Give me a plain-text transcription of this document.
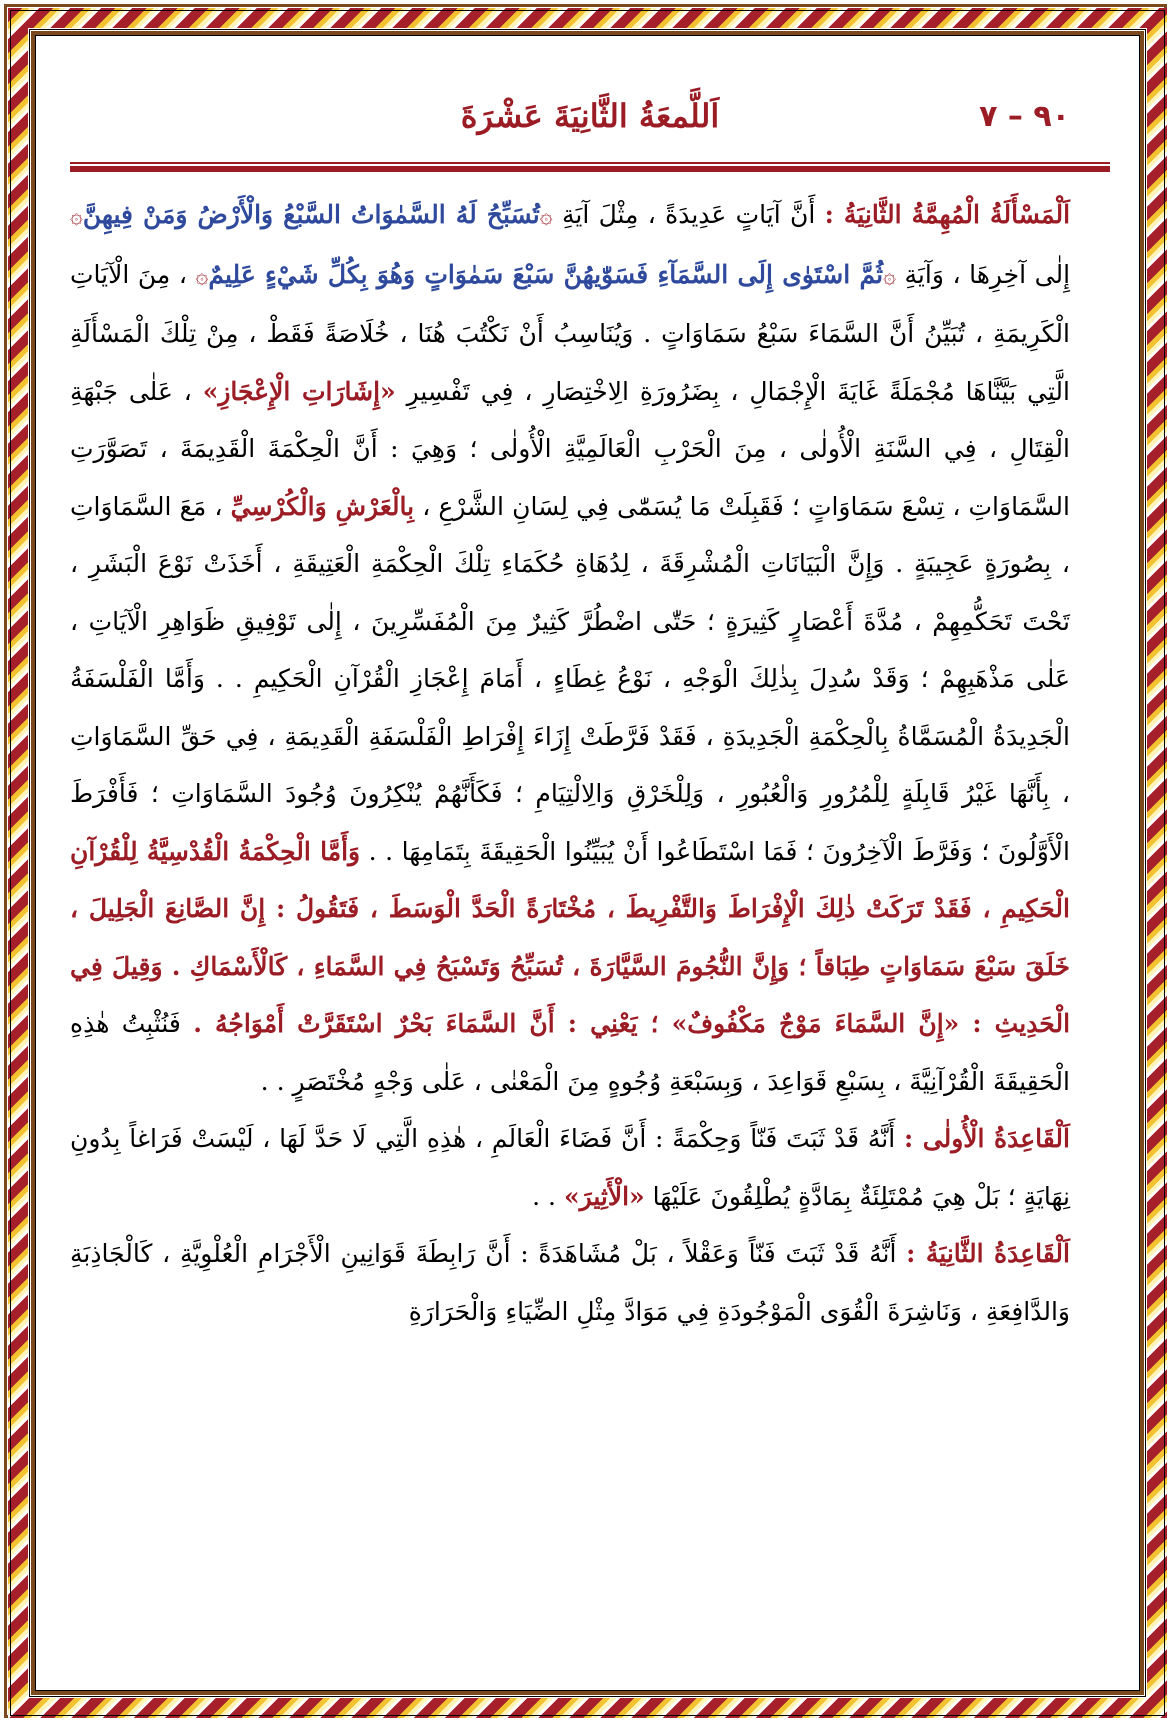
٩٠ – ٧
اَللَّمعَةُ الثَّانِيَةَ عَشْرَةَ

اَلْمَسْأَلَةُ الْمُهِمَّةُ الثَّانِيَةُ : أَنَّ آيَاتٍ عَدِيدَةً ، مِثْلَ آيَةِ ۞تُسَبِّحُ لَهُ السَّمٰوَاتُ السَّبْعُ وَالْأَرْضُ وَمَنْ فِيهِنَّ۞ إِلٰى آخِرِهَا ، وَآيَةِ ۞ثُمَّ اسْتَوٰى إِلَى السَّمَآءِ فَسَوّٰيهُنَّ سَبْعَ سَمٰوَاتٍ وَهُوَ بِكُلِّ شَيْءٍ عَلِيمٌ۞ ، مِنَ الْآيَاتِ الْكَرِيمَةِ ، تُبَيِّنُ أَنَّ السَّمَاءَ سَبْعُ سَمَاوَاتٍ . وَيُنَاسِبُ أَنْ نَكْتُبَ هُنَا ، خُلَاصَةً فَقَطْ ، مِنْ تِلْكَ الْمَسْأَلَةِ الَّتِي بَيَّنَّاهَا مُجْمَلَةً غَايَةَ الْإِجْمَالِ ، بِضَرُورَةِ الِاخْتِصَارِ ، فِي تَفْسِيرِ «إِشَارَاتِ الْإِعْجَازِ» ، عَلٰى جَبْهَةِ الْقِتَالِ ، فِي السَّنَةِ الْأُولٰى ، مِنَ الْحَرْبِ الْعَالَمِيَّةِ الْأُولٰى ؛ وَهِيَ : أَنَّ الْحِكْمَةَ الْقَدِيمَةَ ، تَصَوَّرَتِ السَّمَاوَاتِ ، تِسْعَ سَمَاوَاتٍ ؛ فَقَبِلَتْ مَا يُسَمّٰى فِي لِسَانِ الشَّرْعِ ، بِالْعَرْشِ وَالْكُرْسِيِّ ، مَعَ السَّمَاوَاتِ ، بِصُورَةٍ عَجِيبَةٍ . وَإِنَّ الْبَيَانَاتِ الْمُشْرِقَةَ ، لِدُهَاةِ حُكَمَاءِ تِلْكَ الْحِكْمَةِ الْعَتِيقَةِ ، أَخَذَتْ نَوْعَ الْبَشَرِ ، تَحْتَ تَحَكُّمِهِمْ ، مُدَّةَ أَعْصَارٍ كَثِيرَةٍ ؛ حَتّٰى اضْطُرَّ كَثِيرٌ مِنَ الْمُفَسِّرِينَ ، إِلٰى تَوْفِيقِ ظَوَاهِرِ الْآيَاتِ ، عَلٰى مَذْهَبِهِمْ ؛ وَقَدْ سُدِلَ بِذٰلِكَ الْوَجْهِ ، نَوْعُ غِطَاءٍ ، أَمَامَ إِعْجَازِ الْقُرْآنِ الْحَكِيمِ . . وَأَمَّا الْفَلْسَفَةُ الْجَدِيدَةُ الْمُسَمَّاةُ بِالْحِكْمَةِ الْجَدِيدَةِ ، فَقَدْ فَرَّطَتْ إِزَاءَ إِفْرَاطِ الْفَلْسَفَةِ الْقَدِيمَةِ ، فِي حَقِّ السَّمَاوَاتِ ، بِأَنَّهَا غَيْرُ قَابِلَةٍ لِلْمُرُورِ وَالْعُبُورِ ، وَلِلْخَرْقِ وَالِالْتِيَامِ ؛ فَكَأَنَّهُمْ يُنْكِرُونَ وُجُودَ السَّمَاوَاتِ ؛ فَأَفْرَطَ الْأَوَّلُونَ ؛ وَفَرَّطَ الْآخِرُونَ ؛ فَمَا اسْتَطَاعُوا أَنْ يُبَيِّنُوا الْحَقِيقَةَ بِتَمَامِهَا . . وَأَمَّا الْحِكْمَةُ الْقُدْسِيَّةُ لِلْقُرْآنِ الْحَكِيمِ ، فَقَدْ تَرَكَتْ ذٰلِكَ الْإِفْرَاطَ وَالتَّفْرِيطَ ، مُخْتَارَةً الْحَدَّ الْوَسَطَ ، فَتَقُولُ : إِنَّ الصَّانِعَ الْجَلِيلَ ، خَلَقَ سَبْعَ سَمَاوَاتٍ طِبَاقاً ؛ وَإِنَّ النُّجُومَ السَّيَّارَةَ ، تُسَبِّحُ وَتَسْبَحُ فِي السَّمَاءِ ، كَالْأَسْمَاكِ . وَقِيلَ فِي الْحَدِيثِ : «إِنَّ السَّمَاءَ مَوْجٌ مَكْفُوفٌ» ؛ يَعْنِي : أَنَّ السَّمَاءَ بَحْرٌ اسْتَقَرَّتْ أَمْوَاجُهُ . فَنُثْبِتُ هٰذِهِ الْحَقِيقَةَ الْقُرْآنِيَّةَ ، بِسَبْعِ قَوَاعِدَ ، وَبِسَبْعَةِ وُجُوهٍ مِنَ الْمَعْنٰى ، عَلٰى وَجْهٍ مُخْتَصَرٍ . .

اَلْقَاعِدَةُ الْأُولٰى : أَنَّهُ قَدْ ثَبَتَ فَنّاً وَحِكْمَةً : أَنَّ فَضَاءَ الْعَالَمِ ، هٰذِهِ الَّتِي لَا حَدَّ لَهَا ، لَيْسَتْ فَرَاغاً بِدُونِ نِهَايَةٍ ؛ بَلْ هِيَ مُمْتَلِئَةٌ بِمَادَّةٍ يُطْلِقُونَ عَلَيْهَا «الْأَثِيرَ» . .

اَلْقَاعِدَةُ الثَّانِيَةُ : أَنَّهُ قَدْ ثَبَتَ فَنّاً وَعَقْلاً ، بَلْ مُشَاهَدَةً : أَنَّ رَابِطَةَ قَوَانِينِ الْأَجْرَامِ الْعُلْوِيَّةِ ، كَالْجَاذِبَةِ وَالدَّافِعَةِ ، وَنَاشِرَةَ الْقُوَى الْمَوْجُودَةِ فِي مَوَادَّ مِثْلِ الضِّيَاءِ وَالْحَرَارَةِ
